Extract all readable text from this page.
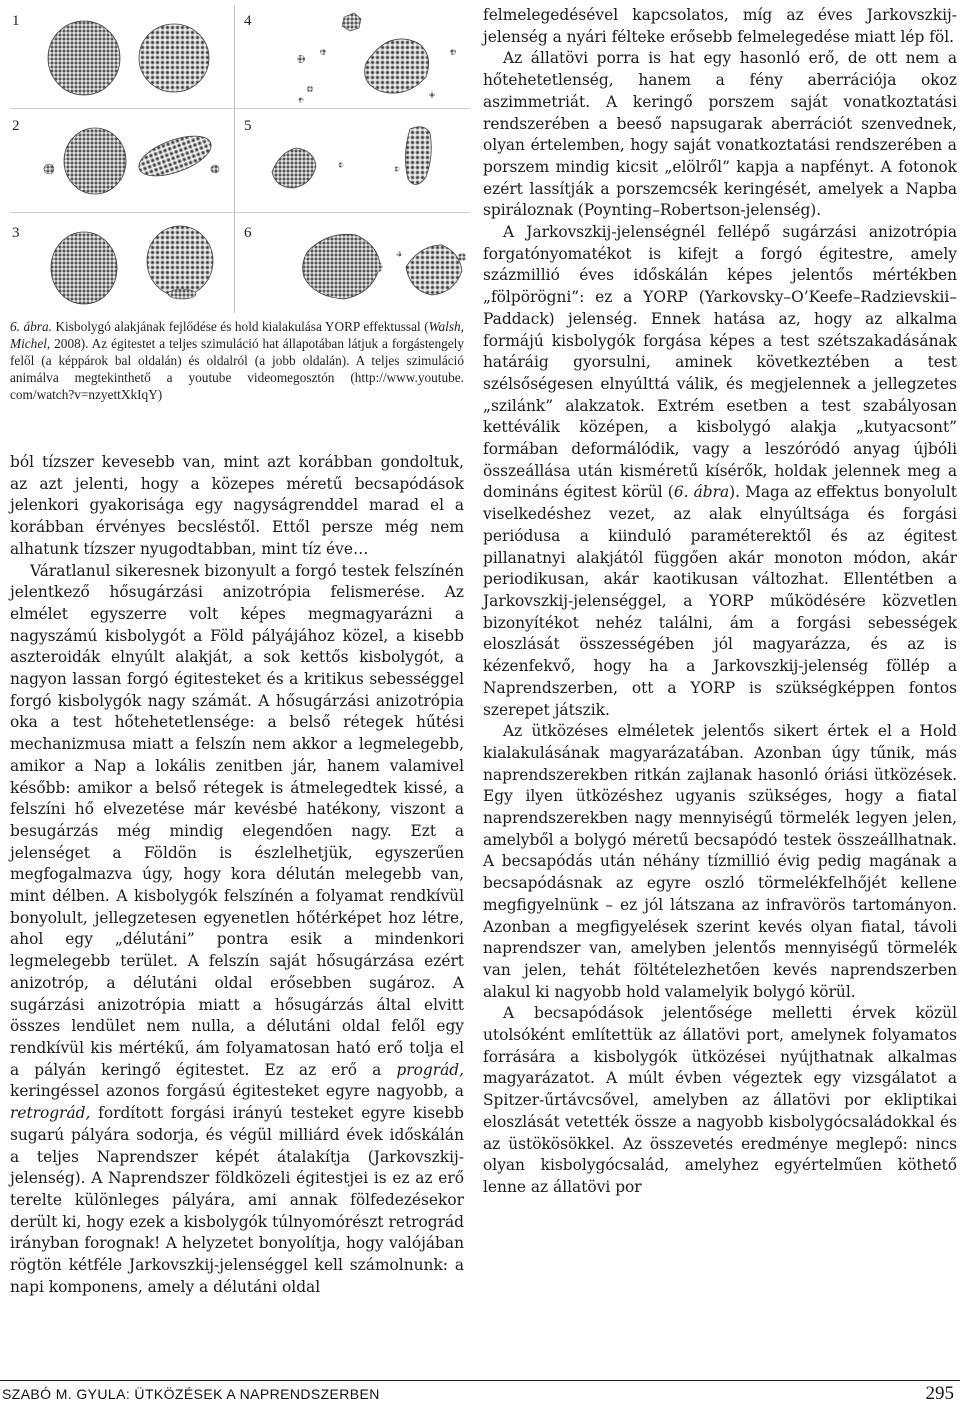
1
2
3
4
5
6
6. ábra. Kisbolygó alakjának fejlődése és hold kialakulása YORP effektussal (Walsh, Michel, 2008). Az égitestet a teljes szimuláció hat állapotában látjuk a forgástengely felől (a képpárok bal oldalán) és oldalról (a jobb oldalán). A teljes szimuláció animálva megtekinthető a youtube videomegosztón (http://www.youtube. com/watch?v=nzyettXkIqY)

ból tízszer kevesebb van, mint azt korábban gondoltuk, az azt jelenti, hogy a közepes méretű becsapódások jelenkori gyakorisága egy nagyságrenddel marad el a korábban érvényes becsléstől. Ettől persze még nem alhatunk tízszer nyugodtabban, mint tíz éve…

Váratlanul sikeresnek bizonyult a forgó testek felszínén jelentkező hősugárzási anizotrópia felismerése. Az elmélet egyszerre volt képes megmagyarázni a nagyszámú kisbolygót a Föld pályájához közel, a kisebb aszteroidák elnyúlt alakját, a sok kettős kisbolygót, a nagyon lassan forgó égitesteket és a kritikus sebességgel forgó kisbolygók nagy számát. A hősugárzási anizotrópia oka a test hőtehetetlensége: a belső rétegek hűtési mechanizmusa miatt a felszín nem akkor a legmelegebb, amikor a Nap a lokális zenitben jár, hanem valamivel később: amikor a belső rétegek is átmelegedtek kissé, a felszíni hő elvezetése már kevésbé hatékony, viszont a besugárzás még mindig elegendően nagy. Ezt a jelenséget a Földön is észlelhetjük, egyszerűen megfogalmazva úgy, hogy kora délután melegebb van, mint délben. A kisbolygók felszínén a folyamat rendkívül bonyolult, jellegzetesen egyenetlen hőtérképet hoz létre, ahol egy „délutáni” pontra esik a mindenkori legmelegebb terület. A felszín saját hősugárzása ezért anizotróp, a délutáni oldal erősebben sugároz. A sugárzási anizotrópia miatt a hősugárzás által elvitt összes lendület nem nulla, a délutáni oldal felől egy rendkívül kis mértékű, ám folyamatosan ható erő tolja el a pályán keringő égitestet. Ez az erő a prográd, keringéssel azonos forgású égitesteket egyre nagyobb, a retrográd, fordított forgási irányú testeket egyre kisebb sugarú pályára sodorja, és végül milliárd évek időskálán a teljes Naprendszer képét átalakítja (Jarkovszkij-jelenség). A Naprendszer földközeli égitestjei is ez az erő terelte különleges pályára, ami annak fölfedezésekor derült ki, hogy ezek a kisbolygók túlnyomórészt retrográd irányban forognak! A helyzetet bonyolítja, hogy valójában rögtön kétféle Jarkovszkij-jelenséggel kell számolnunk: a napi komponens, amely a délutáni oldal

felmelegedésével kapcsolatos, míg az éves Jarkovszkij-jelenség a nyári félteke erősebb felmelegedése miatt lép föl.

Az állatövi porra is hat egy hasonló erő, de ott nem a hőtehetetlenség, hanem a fény aberrációja okoz aszimmetriát. A keringő porszem saját vonatkoztatási rendszerében a beeső napsugarak aberrációt szenvednek, olyan értelemben, hogy saját vonatkoztatási rendszerében a porszem mindig kicsit „elölről” kapja a napfényt. A fotonok ezért lassítják a porszemcsék keringését, amelyek a Napba spiráloznak (Poynting–Robertson-jelenség).

A Jarkovszkij-jelenségnél fellépő sugárzási anizotrópia forgatónyomatékot is kifejt a forgó égitestre, amely százmillió éves időskálán képes jelentős mértékben „fölpörögni”: ez a YORP (Yarkovsky–O’Keefe–Radzievskii–Paddack) jelenség. Ennek hatása az, hogy az alkalma formájú kisbolygók forgása képes a test szétszakadásának határáig gyorsulni, aminek következtében a test szélsőségesen elnyúlttá válik, és megjelennek a jellegzetes „szilánk” alakzatok. Extrém esetben a test szabályosan kettéválik középen, a kisbolygó alakja „kutyacsont” formában deformálódik, vagy a leszóródó anyag újbóli összeállása után kisméretű kísérők, holdak jelennek meg a domináns égitest körül (6. ábra). Maga az effektus bonyolult viselkedéshez vezet, az alak elnyúltsága és forgási periódusa a kiinduló paraméterektől és az égitest pillanatnyi alakjától függően akár monoton módon, akár periodikusan, akár kaotikusan változhat. Ellentétben a Jarkovszkij-jelenséggel, a YORP működésére közvetlen bizonyítékot nehéz találni, ám a forgási sebességek eloszlását összességében jól magyarázza, és az is kézenfekvő, hogy ha a Jarkovszkij-jelenség föllép a Naprendszerben, ott a YORP is szükségképpen fontos szerepet játszik.

Az ütközéses elméletek jelentős sikert értek el a Hold kialakulásának magyarázatában. Azonban úgy tűnik, más naprendszerekben ritkán zajlanak hasonló óriási ütközések. Egy ilyen ütközéshez ugyanis szükséges, hogy a fiatal naprendszerekben nagy mennyiségű törmelék legyen jelen, amelyből a bolygó méretű becsapódó testek összeállhatnak. A becsapódás után néhány tízmillió évig pedig magának a becsapódásnak az egyre oszló törmelékfelhőjét kellene megfigyelnünk – ez jól látszana az infravörös tartományon. Azonban a megfigyelések szerint kevés olyan fiatal, távoli naprendszer van, amelyben jelentős mennyiségű törmelék van jelen, tehát föltételezhetően kevés naprendszerben alakul ki nagyobb hold valamelyik bolygó körül.

A becsapódások jelentősége melletti érvek közül utolsóként említettük az állatövi port, amelynek folyamatos forrására a kisbolygók ütközései nyújthatnak alkalmas magyarázatot. A múlt évben végeztek egy vizsgálatot a Spitzer-űrtávcsővel, amelyben az állatövi por ekliptikai eloszlását vetették össze a nagyobb kisbolygócsaládokkal és az üstökösökkel. Az összevetés eredménye meglepő: nincs olyan kisbolygócsalád, amelyhez egyértelműen köthető lenne az állatövi por

SZABÓ M. GYULA: ÜTKÖZÉSEK A NAPRENDSZERBEN	295
